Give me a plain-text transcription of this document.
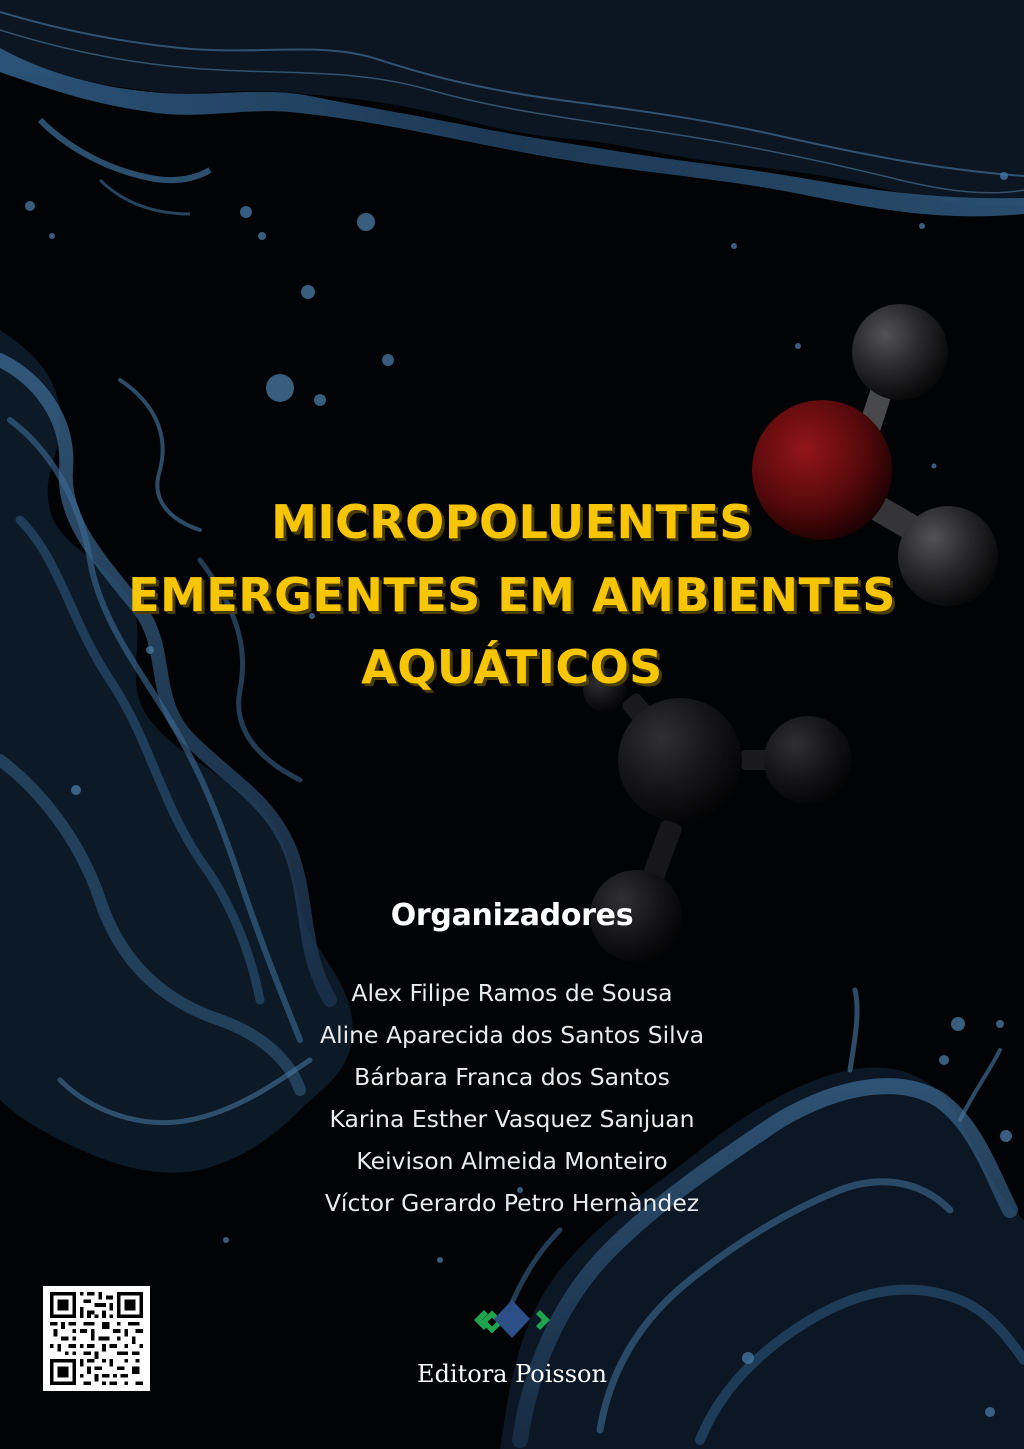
MICROPOLUENTES
EMERGENTES EM AMBIENTES
AQUÁTICOS
Organizadores
Alex Filipe Ramos de Sousa
Aline Aparecida dos Santos Silva
Bárbara Franca dos Santos
Karina Esther Vasquez Sanjuan
Keivison Almeida Monteiro
Víctor Gerardo Petro Hernàndez
Editora Poisson
